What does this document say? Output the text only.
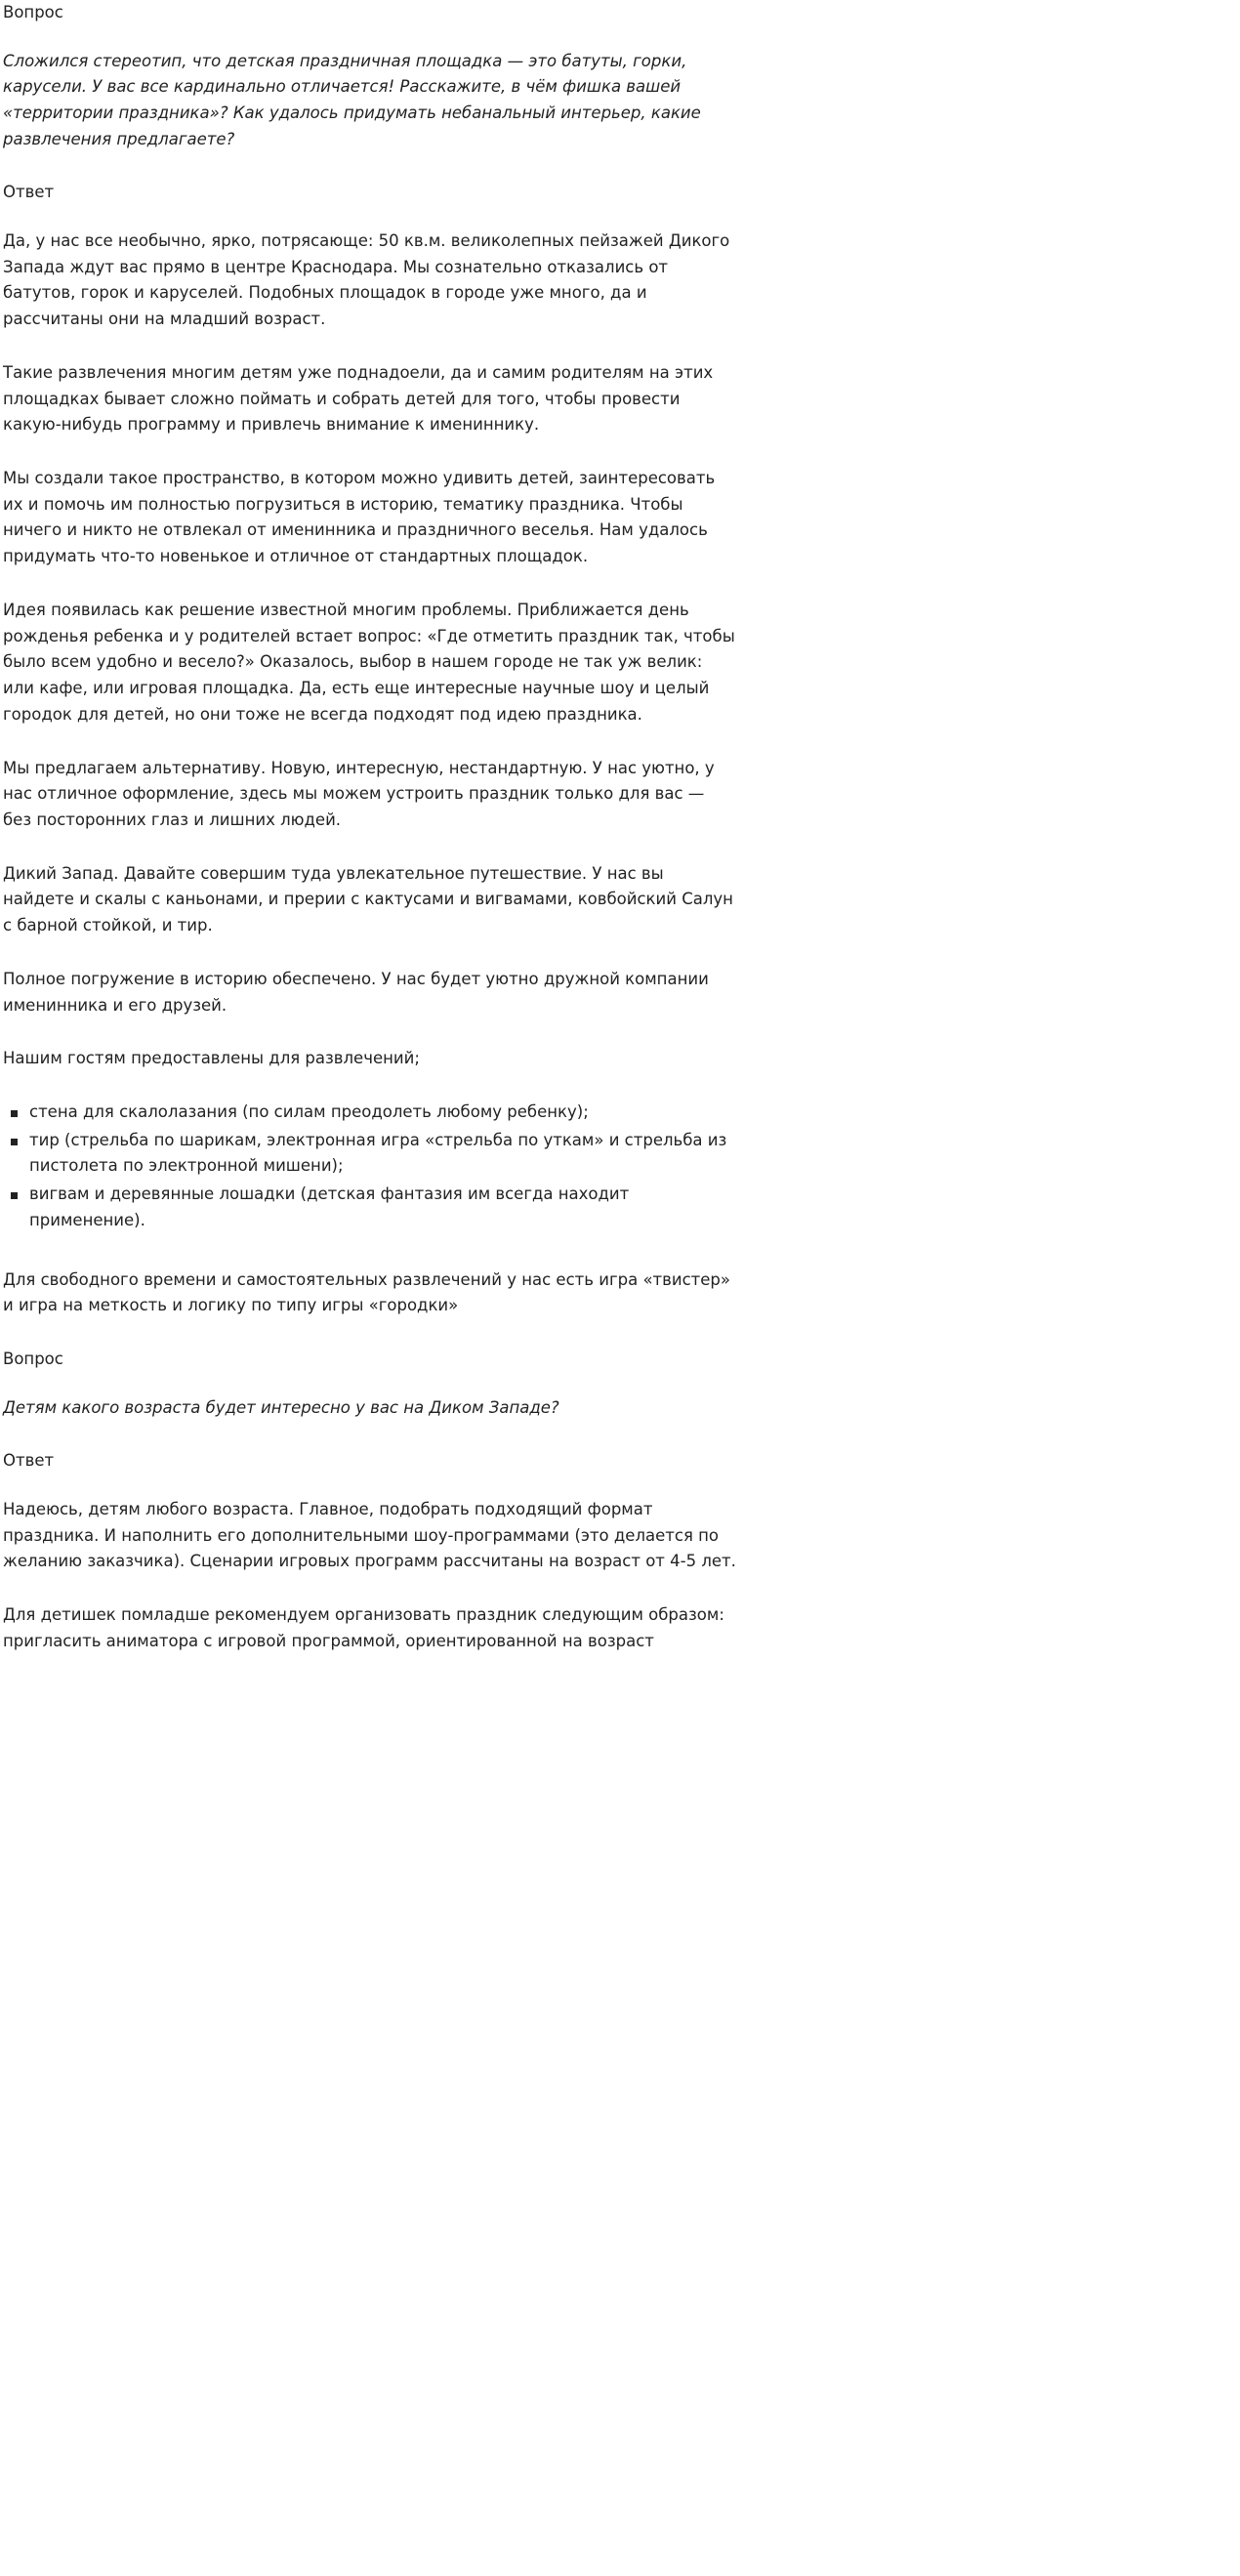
Вопрос
Сложился стереотип, что детская праздничная площадка — это батуты, горки, карусели. У вас все кардинально отличается! Расскажите, в чём фишка вашей «территории праздника»? Как удалось придумать небанальный интерьер, какие развлечения предлагаете?
Ответ

Да, у нас все необычно, ярко, потрясающе: 50 кв.м. великолепных пейзажей Дикого Запада ждут вас прямо в центре Краснодара. Мы сознательно отказались от батутов, горок и каруселей. Подобных площадок в городе уже много, да и рассчитаны они на младший возраст.

Такие развлечения многим детям уже поднадоели, да и самим родителям на этих площадках бывает сложно поймать и собрать детей для того, чтобы провести какую-нибудь программу и привлечь внимание к имениннику.

Мы создали такое пространство, в котором можно удивить детей, заинтересовать их и помочь им полностью погрузиться в историю, тематику праздника. Чтобы ничего и никто не отвлекал от именинника и праздничного веселья. Нам удалось придумать что-то новенькое и отличное от стандартных площадок.

Идея появилась как решение известной многим проблемы. Приближается день рожденья ребенка и у родителей встает вопрос: «Где отметить праздник так, чтобы было всем удобно и весело?» Оказалось, выбор в нашем городе не так уж велик: или кафе, или игровая площадка. Да, есть еще интересные научные шоу и целый городок для детей, но они тоже не всегда подходят под идею праздника.

Мы предлагаем альтернативу. Новую, интересную, нестандартную. У нас уютно, у нас отличное оформление, здесь мы можем устроить праздник только для вас — без посторонних глаз и лишних людей.

Дикий Запад. Давайте совершим туда увлекательное путешествие. У нас вы найдете и скалы с каньонами, и прерии с кактусами и вигвамами, ковбойский Салун с барной стойкой, и тир.

Полное погружение в историю обеспечено. У нас будет уютно дружной компании именинника и его друзей.

Нашим гостям предоставлены для развлечений;

стена для скалолазания (по силам преодолеть любому ребенку);
тир (стрельба по шарикам, электронная игра «стрельба по уткам» и стрельба из пистолета по электронной мишени);
вигвам и деревянные лошадки (детская фантазия им всегда находит применение).

Для свободного времени и самостоятельных развлечений у нас есть игра «твистер» и игра на меткость и логику по типу игры «городки»

Вопрос
Детям какого возраста будет интересно у вас на Диком Западе?
Ответ

Надеюсь, детям любого возраста. Главное, подобрать подходящий формат праздника. И наполнить его дополнительными шоу-программами (это делается по желанию заказчика). Сценарии игровых программ рассчитаны на возраст от 4-5 лет.

Для детишек помладше рекомендуем организовать праздник следующим образом: пригласить аниматора с игровой программой, ориентированной на возраст
